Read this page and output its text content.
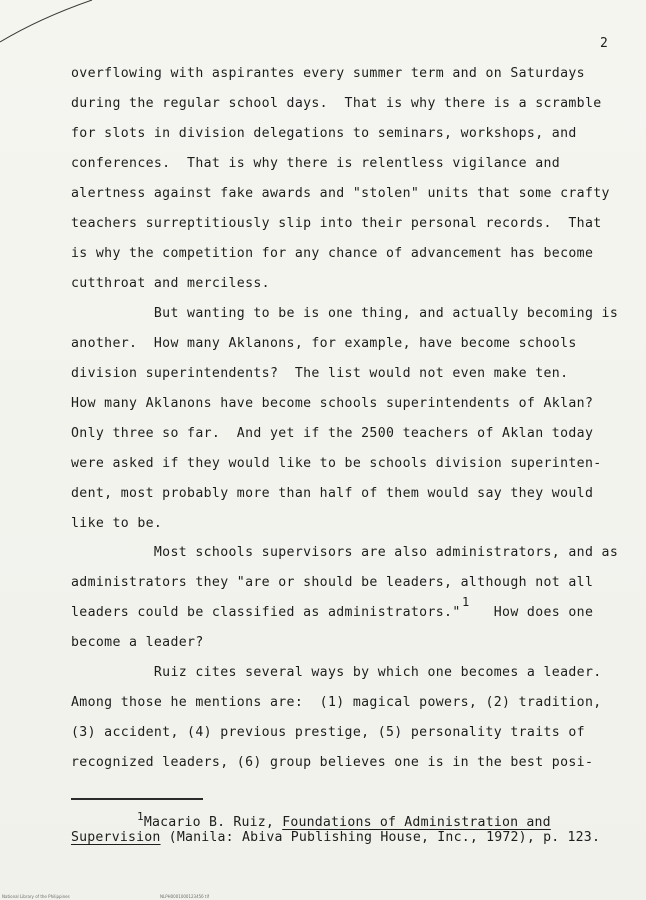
2
overflowing with aspirantes every summer term and on Saturdays
during the regular school days.  That is why there is a scramble
for slots in division delegations to seminars, workshops, and
conferences.  That is why there is relentless vigilance and
alertness against fake awards and "stolen" units that some crafty
teachers surreptitiously slip into their personal records.  That
is why the competition for any chance of advancement has become
cutthroat and merciless.
But wanting to be is one thing, and actually becoming is
another.  How many Aklanons, for example, have become schools
division superintendents?  The list would not even make ten.
How many Aklanons have become schools superintendents of Aklan?
Only three so far.  And yet if the 2500 teachers of Aklan today
were asked if they would like to be schools division superinten-
dent, most probably more than half of them would say they would
like to be.
Most schools supervisors are also administrators, and as
administrators they "are or should be leaders, although not all
leaders could be classified as administrators."    How does one
1
become a leader?
Ruiz cites several ways by which one becomes a leader.
Among those he mentions are:  (1) magical powers, (2) tradition,
(3) accident, (4) previous prestige, (5) personality traits of
recognized leaders, (6) group believes one is in the best posi-
$^1$Macario B. Ruiz, Foundations of Administration and
Supervision (Manila: Abiva Publishing House, Inc., 1972), p. 123.
National Library of the Philippines	NLPH0001000123456 tif
